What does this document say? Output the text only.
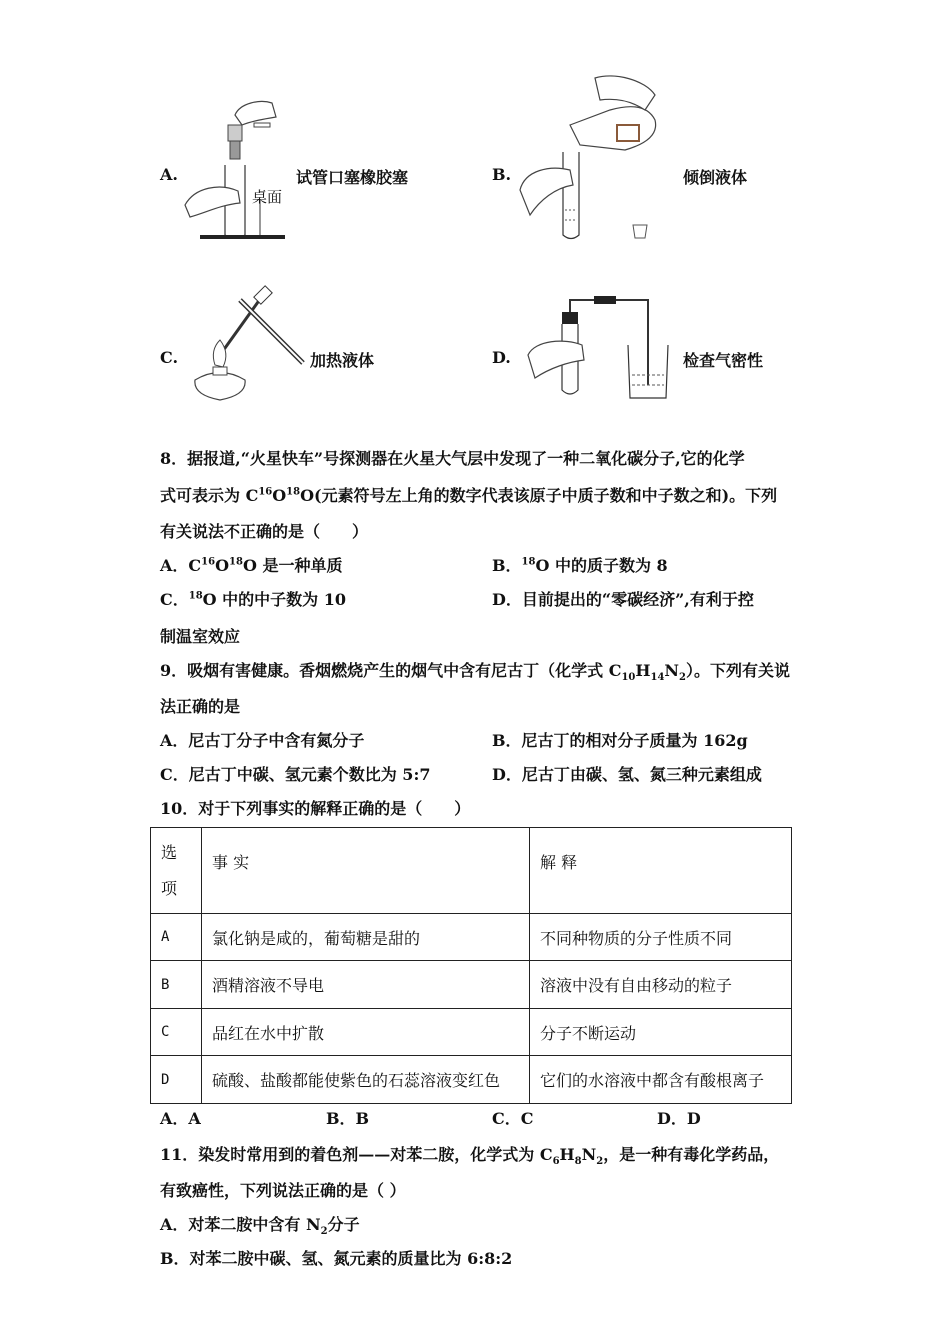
A.
桌面
试管口塞橡胶塞	B.	倾倒液体
C.	加热液体	D.	检查气密性
8．据报道,“火星快车”号探测器在火星大气层中发现了一种二氧化碳分子,它的化学
式可表示为 $C^{16}O^{18}O$(元素符号左上角的数字代表该原子中质子数和中子数之和)。下列
有关说法不正确的是（　　）
A．$C^{16}O^{18}O$ 是一种单质	B．$^{18}$O 中的质子数为 8
C．$^{18}$O 中的中子数为 10	D．目前提出的“零碳经济”,有利于控
制温室效应
9．吸烟有害健康。香烟燃烧产生的烟气中含有尼古丁（化学式 $C_{10}H_{14}N_2$）。下列有关说
法正确的是
A．尼古丁分子中含有氮分子	B．尼古丁的相对分子质量为 162g
C．尼古丁中碳、氢元素个数比为 5:7	D．尼古丁由碳、氢、氮三种元素组成
10．对于下列事实的解释正确的是（　　）
选
项	事 实	解 释
A	氯化钠是咸的，葡萄糖是甜的	不同种物质的分子性质不同
B	酒精溶液不导电	溶液中没有自由移动的粒子
C	品红在水中扩散	分子不断运动
D	硫酸、盐酸都能使紫色的石蕊溶液变红色	它们的水溶液中都含有酸根离子
A．A	B．B	C．C	D．D
11．染发时常用到的着色剂——对苯二胺，化学式为 $C_6H_8N_2$，是一种有毒化学药品，
有致癌性，下列说法正确的是（ ）
A．对苯二胺中含有 $N_2$分子
B．对苯二胺中碳、氢、氮元素的质量比为 6:8:2
